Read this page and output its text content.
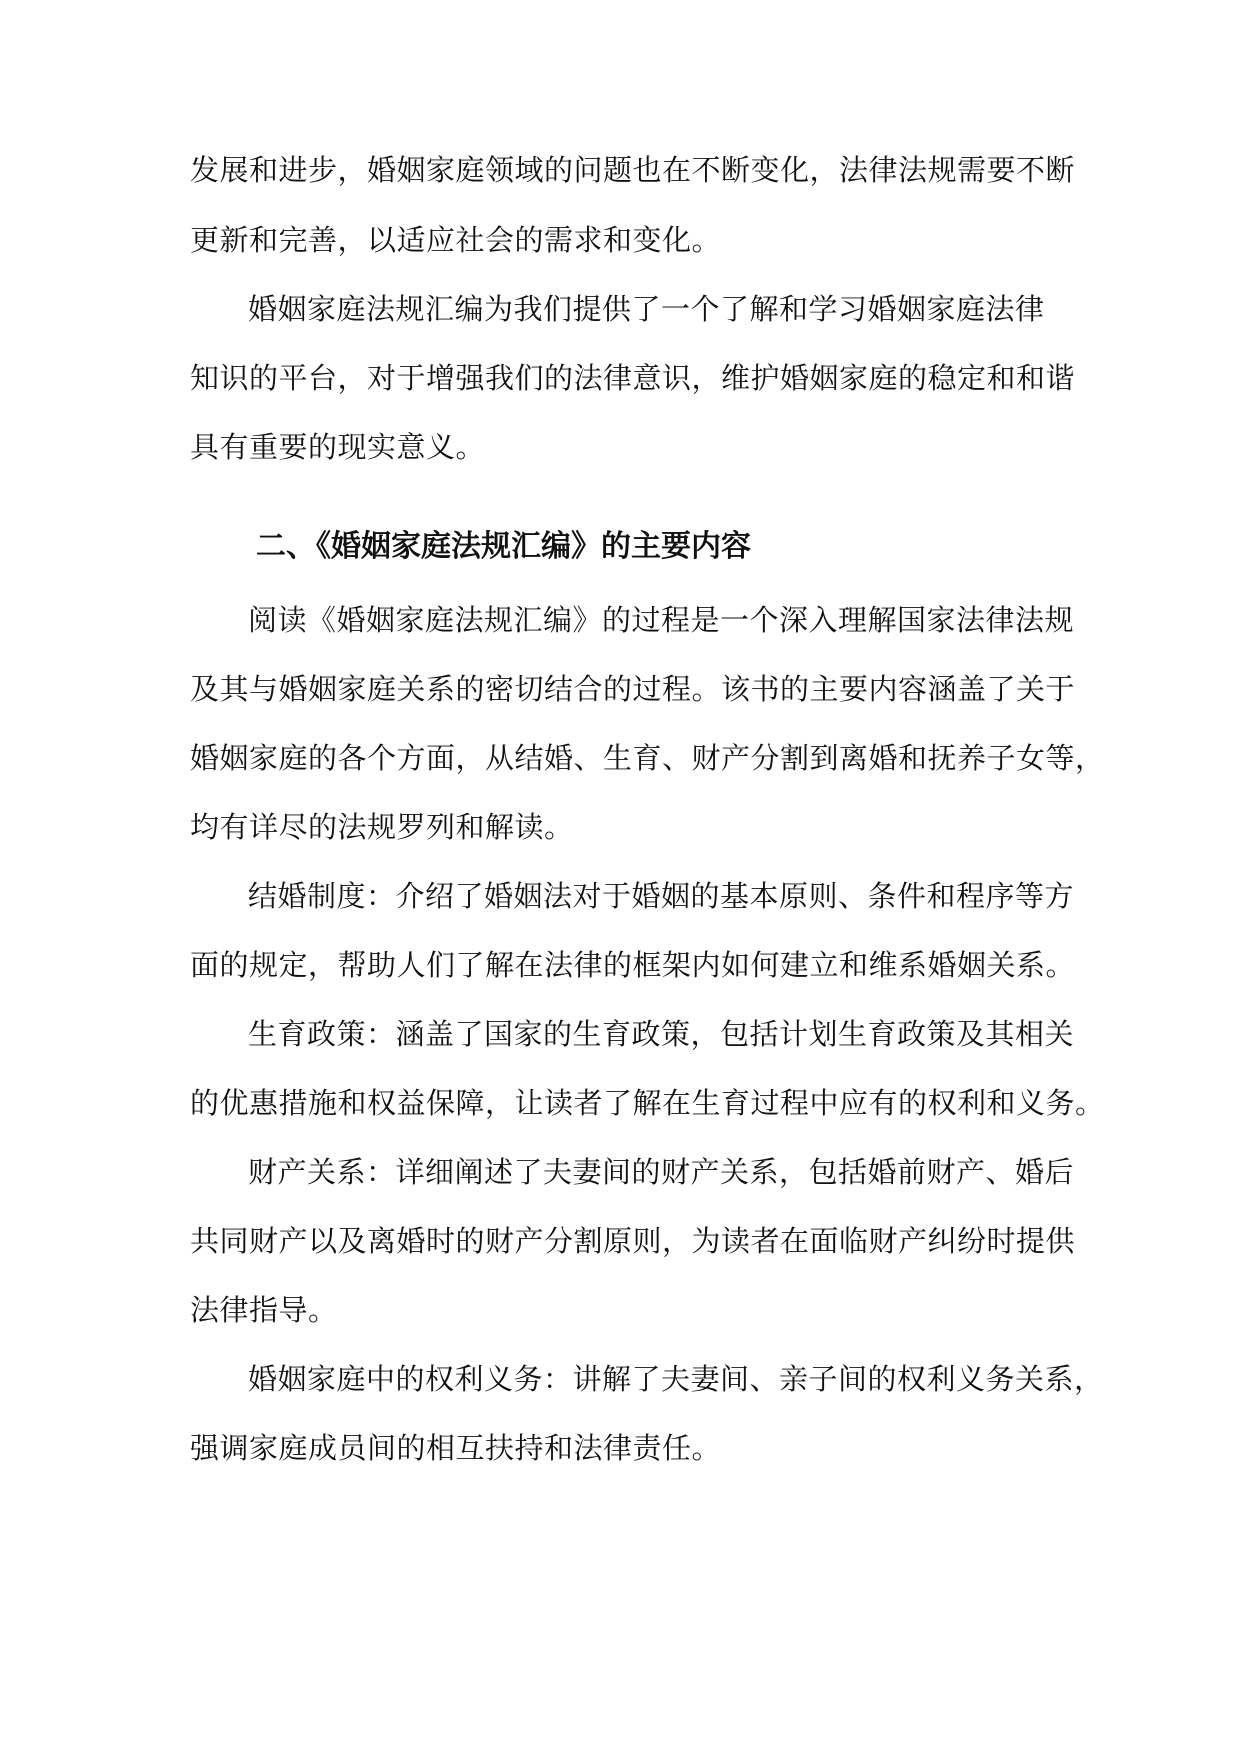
发展和进步，婚姻家庭领域的问题也在不断变化，法律法规需要不断
更新和完善，以适应社会的需求和变化。
婚姻家庭法规汇编为我们提供了一个了解和学习婚姻家庭法律
知识的平台，对于增强我们的法律意识，维护婚姻家庭的稳定和和谐
具有重要的现实意义。
二、《婚姻家庭法规汇编》的主要内容
阅读《婚姻家庭法规汇编》的过程是一个深入理解国家法律法规
及其与婚姻家庭关系的密切结合的过程。该书的主要内容涵盖了关于
婚姻家庭的各个方面，从结婚、生育、财产分割到离婚和抚养子女等，
均有详尽的法规罗列和解读。
结婚制度：介绍了婚姻法对于婚姻的基本原则、条件和程序等方
面的规定，帮助人们了解在法律的框架内如何建立和维系婚姻关系。
生育政策：涵盖了国家的生育政策，包括计划生育政策及其相关
的优惠措施和权益保障，让读者了解在生育过程中应有的权利和义务。
财产关系：详细阐述了夫妻间的财产关系，包括婚前财产、婚后
共同财产以及离婚时的财产分割原则，为读者在面临财产纠纷时提供
法律指导。
婚姻家庭中的权利义务：讲解了夫妻间、亲子间的权利义务关系，
强调家庭成员间的相互扶持和法律责任。
